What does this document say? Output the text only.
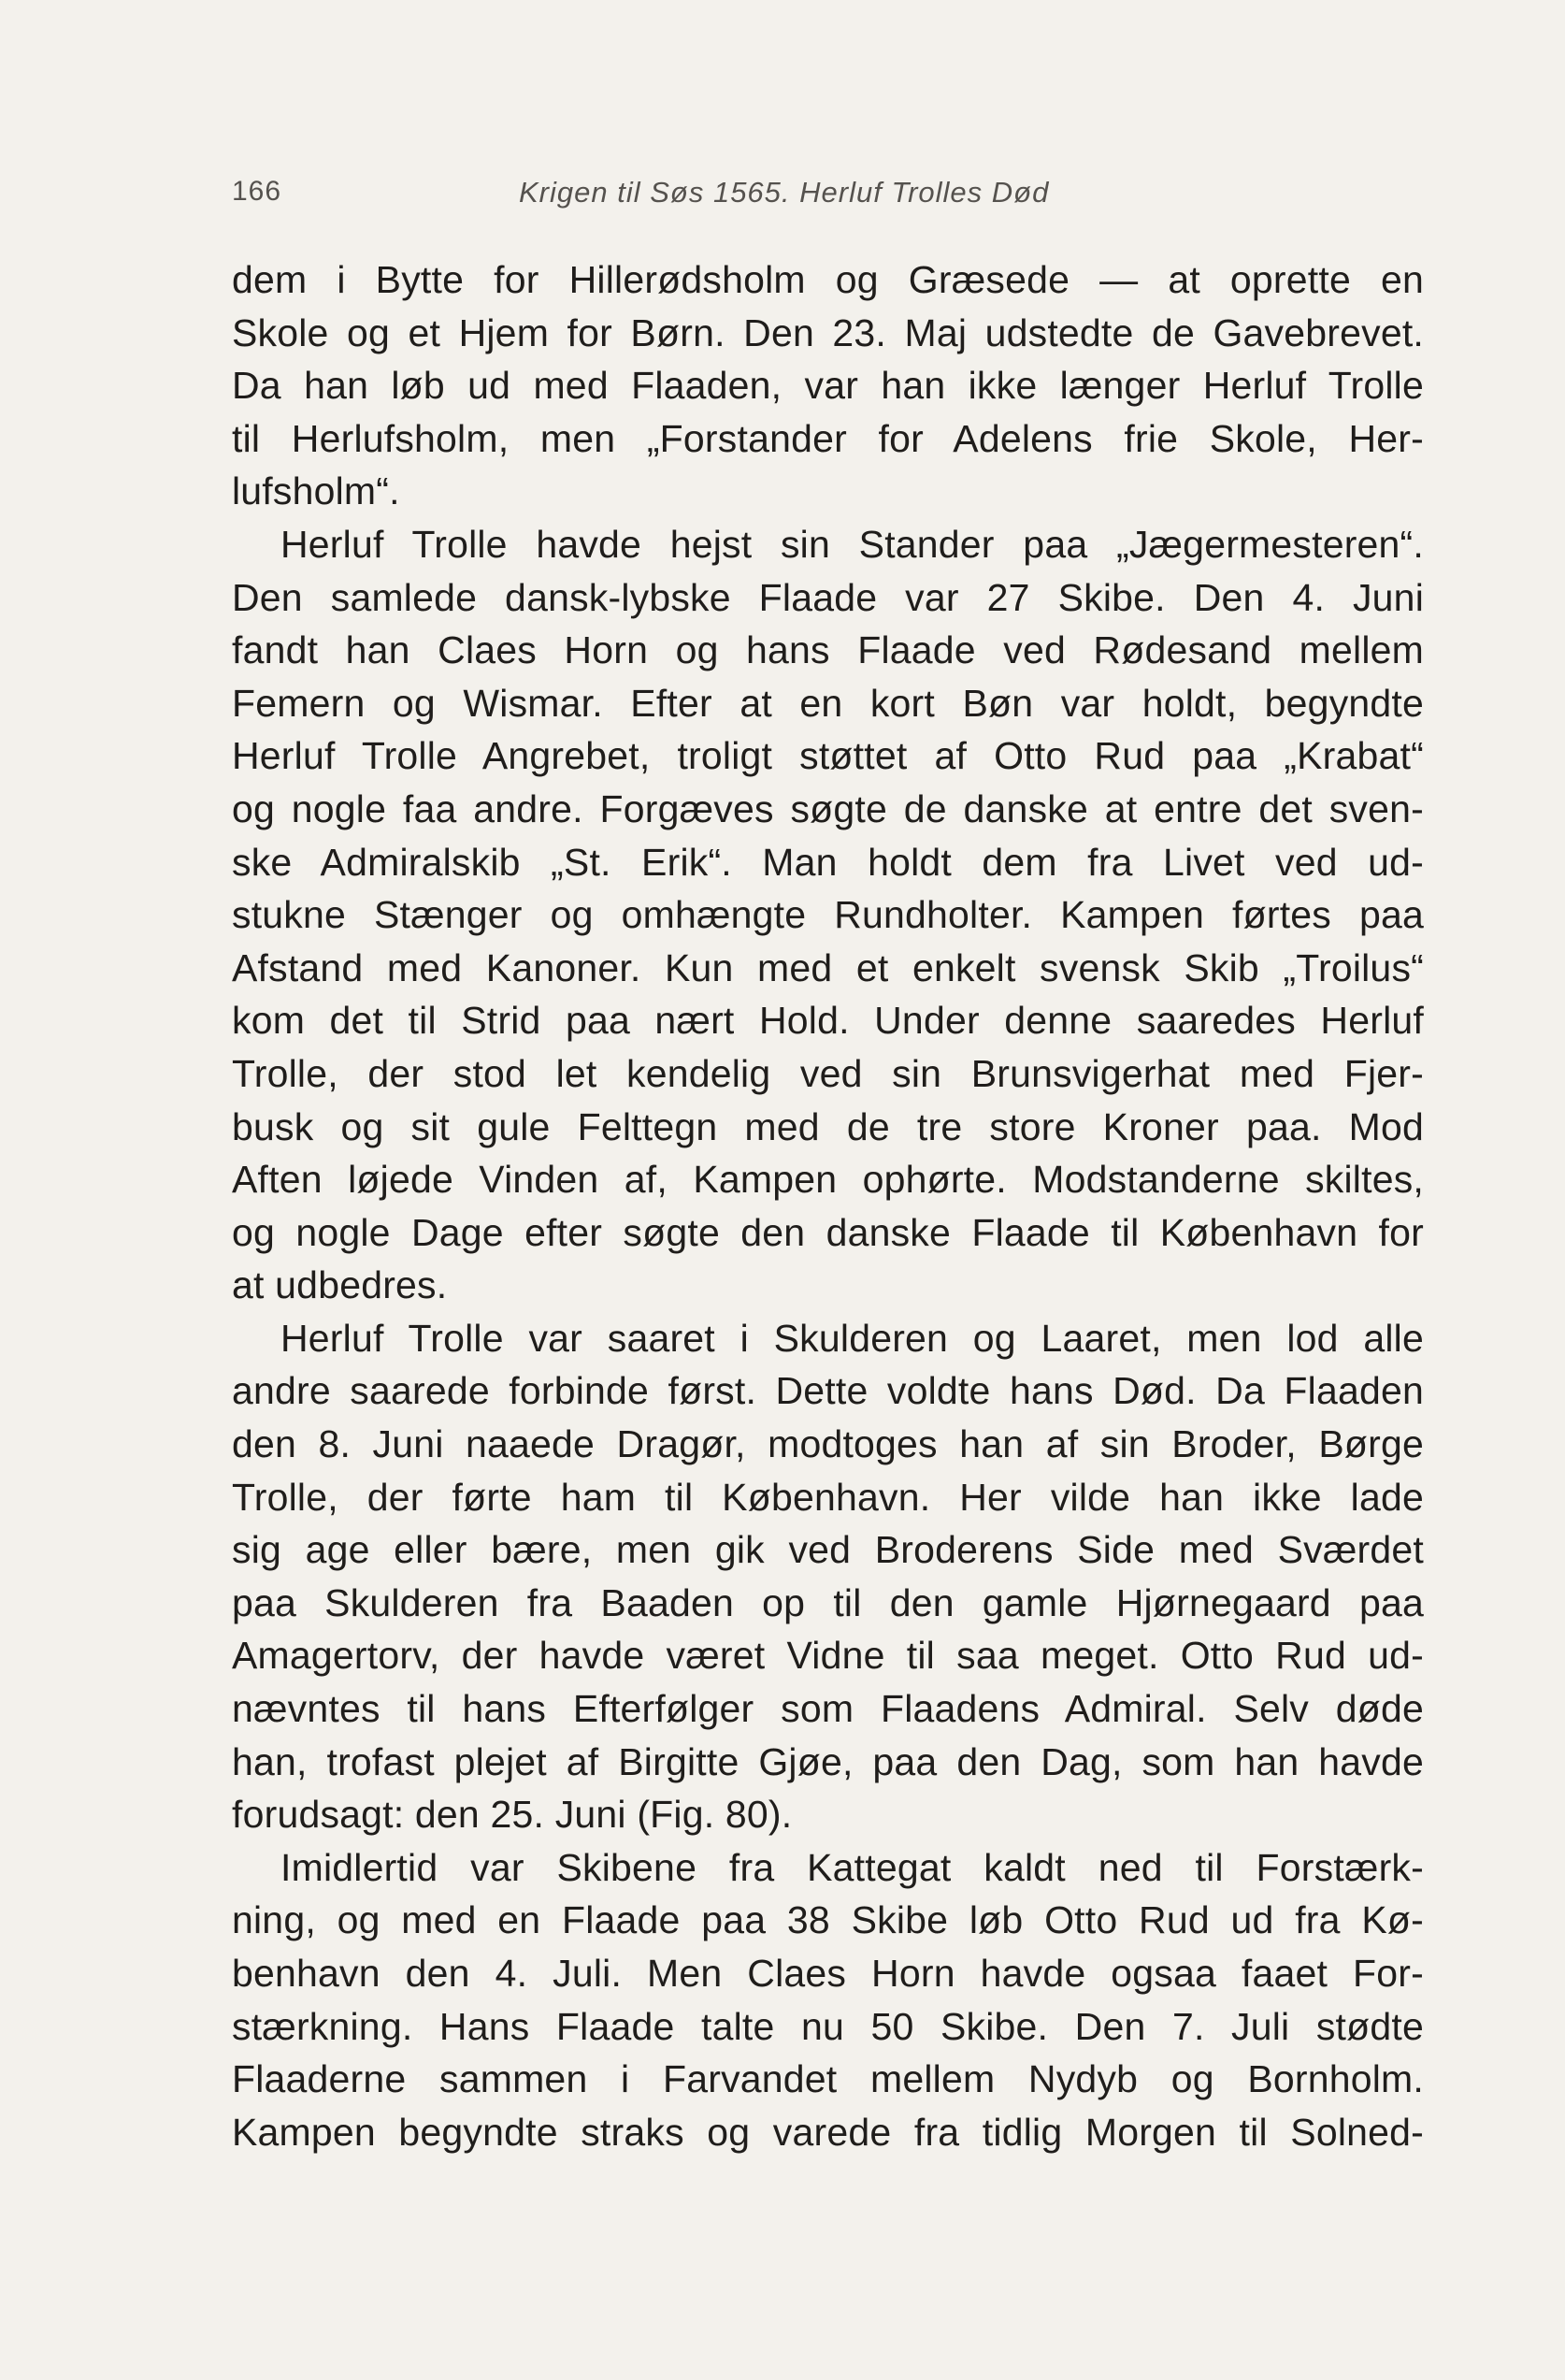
166	Krigen til Søs 1565. Herluf Trolles Død
dem i Bytte for Hillerødsholm og Græsede — at oprette en
Skole og et Hjem for Børn. Den 23. Maj udstedte de Gavebrevet.
Da han løb ud med Flaaden, var han ikke længer Herluf Trolle
til Herlufsholm, men „Forstander for Adelens frie Skole, Her-
lufsholm“.
Herluf Trolle havde hejst sin Stander paa „Jægermesteren“.
Den samlede dansk-lybske Flaade var 27 Skibe. Den 4. Juni
fandt han Claes Horn og hans Flaade ved Rødesand mellem
Femern og Wismar. Efter at en kort Bøn var holdt, begyndte
Herluf Trolle Angrebet, troligt støttet af Otto Rud paa „Krabat“
og nogle faa andre. Forgæves søgte de danske at entre det sven-
ske Admiralskib „St. Erik“. Man holdt dem fra Livet ved ud-
stukne Stænger og omhængte Rundholter. Kampen førtes paa
Afstand med Kanoner. Kun med et enkelt svensk Skib „Troilus“
kom det til Strid paa nært Hold. Under denne saaredes Herluf
Trolle, der stod let kendelig ved sin Brunsvigerhat med Fjer-
busk og sit gule Felttegn med de tre store Kroner paa. Mod
Aften løjede Vinden af, Kampen ophørte. Modstanderne skiltes,
og nogle Dage efter søgte den danske Flaade til København for
at udbedres.
Herluf Trolle var saaret i Skulderen og Laaret, men lod alle
andre saarede forbinde først. Dette voldte hans Død. Da Flaaden
den 8. Juni naaede Dragør, modtoges han af sin Broder, Børge
Trolle, der førte ham til København. Her vilde han ikke lade
sig age eller bære, men gik ved Broderens Side med Sværdet
paa Skulderen fra Baaden op til den gamle Hjørnegaard paa
Amagertorv, der havde været Vidne til saa meget. Otto Rud ud-
nævntes til hans Efterfølger som Flaadens Admiral. Selv døde
han, trofast plejet af Birgitte Gjøe, paa den Dag, som han havde
forudsagt: den 25. Juni (Fig. 80).
Imidlertid var Skibene fra Kattegat kaldt ned til Forstærk-
ning, og med en Flaade paa 38 Skibe løb Otto Rud ud fra Kø-
benhavn den 4. Juli. Men Claes Horn havde ogsaa faaet For-
stærkning. Hans Flaade talte nu 50 Skibe. Den 7. Juli stødte
Flaaderne sammen i Farvandet mellem Nydyb og Bornholm.
Kampen begyndte straks og varede fra tidlig Morgen til Solned-
